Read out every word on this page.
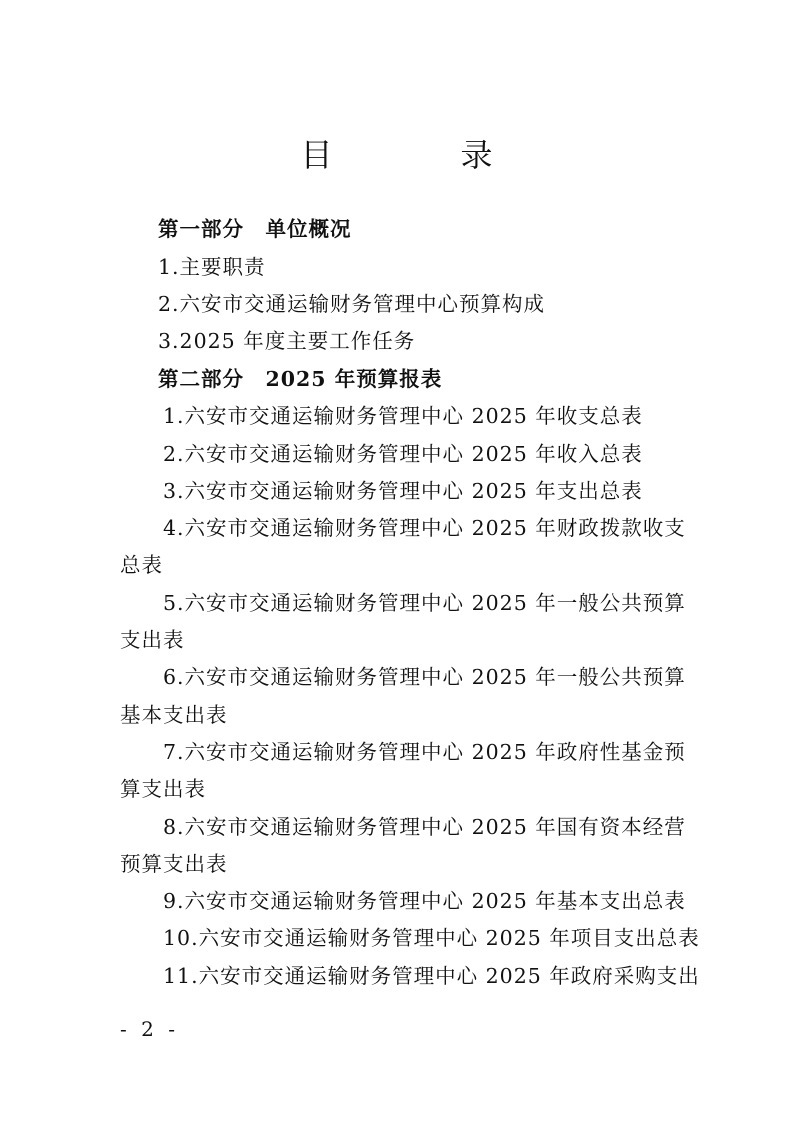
目　录
第一部分　单位概况
1.主要职责
2.六安市交通运输财务管理中心预算构成
3.2025 年度主要工作任务
第二部分　2025 年预算报表
1.六安市交通运输财务管理中心 2025 年收支总表
2.六安市交通运输财务管理中心 2025 年收入总表
3.六安市交通运输财务管理中心 2025 年支出总表
4.六安市交通运输财务管理中心 2025 年财政拨款收支
总表
5.六安市交通运输财务管理中心 2025 年一般公共预算
支出表
6.六安市交通运输财务管理中心 2025 年一般公共预算
基本支出表
7.六安市交通运输财务管理中心 2025 年政府性基金预
算支出表
8.六安市交通运输财务管理中心 2025 年国有资本经营
预算支出表
9.六安市交通运输财务管理中心 2025 年基本支出总表
10.六安市交通运输财务管理中心 2025 年项目支出总表
11.六安市交通运输财务管理中心 2025 年政府采购支出
- 2 -
